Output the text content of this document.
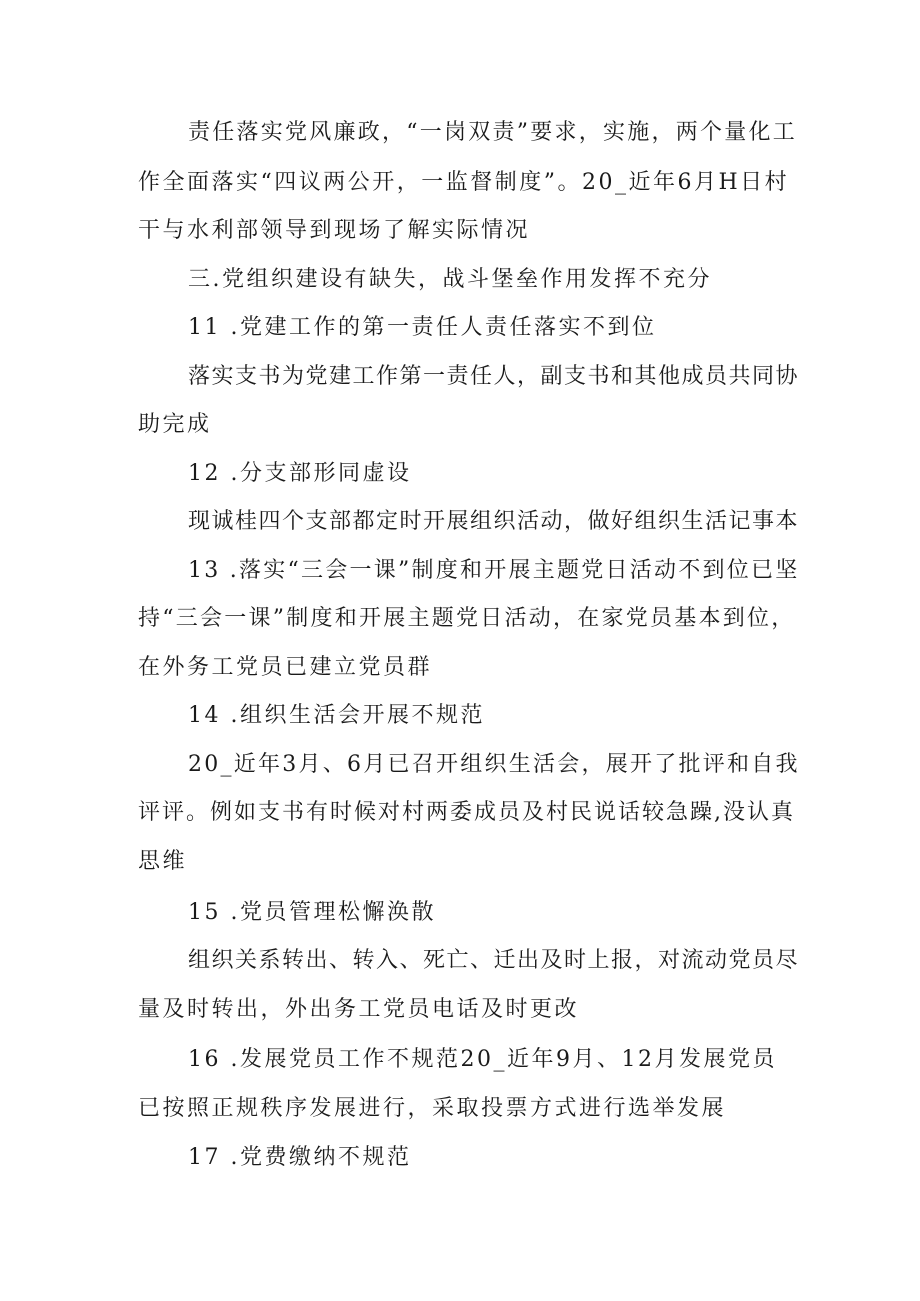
责任落实党风廉政，“一岗双责”要求，实施，两个量化工
作全面落实“四议两公开，一监督制度”。20_近年6月H日村
干与水利部领导到现场了解实际情况
三.党组织建设有缺失，战斗堡垒作用发挥不充分
11 .党建工作的第一责任人责任落实不到位
落实支书为党建工作第一责任人，副支书和其他成员共同协
助完成
12 .分支部形同虚设
现诚桂四个支部都定时开展组织活动，做好组织生活记事本
13 .落实“三会一课”制度和开展主题党日活动不到位已坚
持“三会一课”制度和开展主题党日活动，在家党员基本到位，
在外务工党员已建立党员群
14 .组织生活会开展不规范
20_近年3月、6月已召开组织生活会，展开了批评和自我
评评。例如支书有时候对村两委成员及村民说话较急躁,没认真
思维
15 .党员管理松懈涣散
组织关系转出、转入、死亡、迁出及时上报，对流动党员尽
量及时转出，外出务工党员电话及时更改
16 .发展党员工作不规范20_近年9月、12月发展党员
已按照正规秩序发展进行，采取投票方式进行选举发展
17 .党费缴纳不规范
